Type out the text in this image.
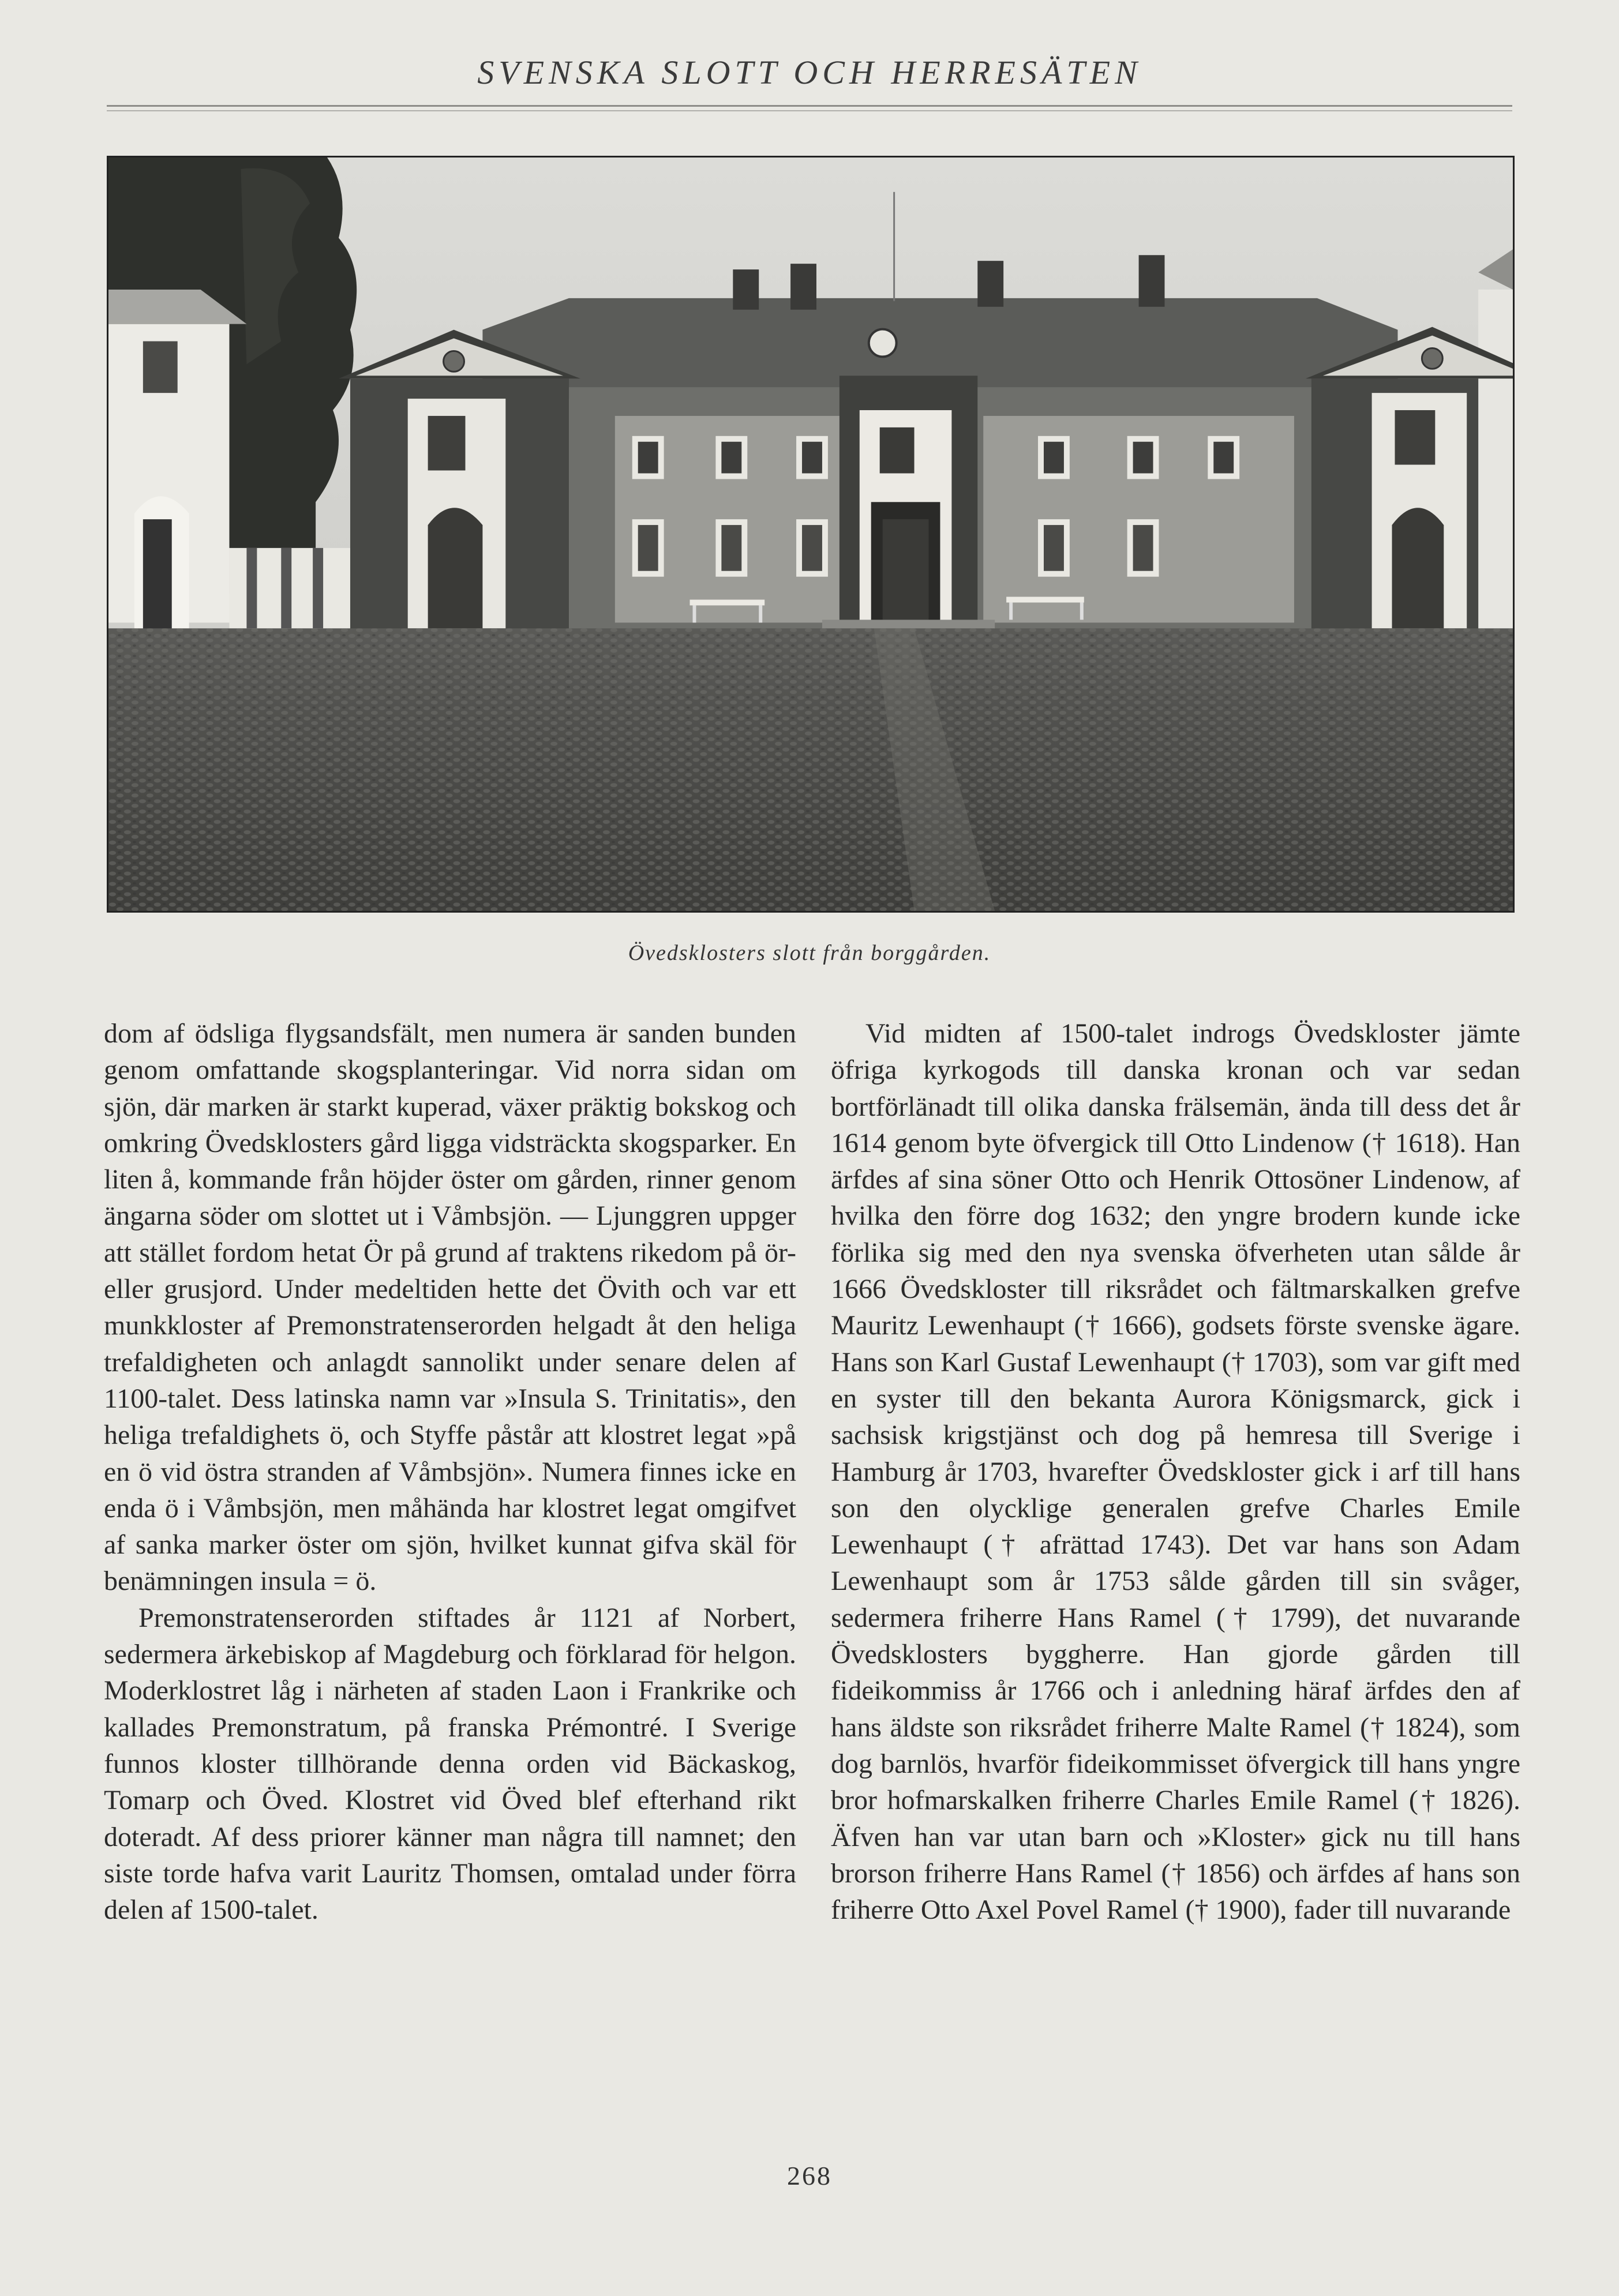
SVENSKA SLOTT OCH HERRESÄTEN
Övedsklosters slott från borggården.

dom af ödsliga flygsandsfält, men numera är sanden bunden genom omfattande skogsplanteringar. Vid norra sidan om sjön, där marken är starkt kuperad, växer präktig bokskog och omkring Övedsklosters gård ligga vidsträckta skogsparker. En liten å, kommande från höjder öster om gården, rinner genom ängarna söder om slottet ut i Våmbsjön. — Ljunggren uppger att stället fordom hetat Ör på grund af traktens rikedom på ör- eller grusjord. Under medeltiden hette det Övith och var ett munkkloster af Premonstratenserorden helgadt åt den heliga trefaldigheten och anlagdt sannolikt under senare delen af 1100-talet. Dess latinska namn var »Insula S. Trinitatis», den heliga trefaldighets ö, och Styffe påstår att klostret legat »på en ö vid östra stranden af Våmbsjön». Numera finnes icke en enda ö i Våmbsjön, men måhända har klostret legat omgifvet af sanka marker öster om sjön, hvilket kunnat gifva skäl för benämningen insula = ö.

Premonstratenserorden stiftades år 1121 af Norbert, sedermera ärkebiskop af Magdeburg och förklarad för helgon. Moderklostret låg i närheten af staden Laon i Frankrike och kallades Premonstratum, på franska Prémontré. I Sverige funnos kloster tillhörande denna orden vid Bäckaskog, Tomarp och Öved. Klostret vid Öved blef efterhand rikt doteradt. Af dess priorer känner man några till namnet; den siste torde hafva varit Lauritz Thomsen, omtalad under förra delen af 1500-talet.

Vid midten af 1500-talet indrogs Övedskloster jämte öfriga kyrkogods till danska kronan och var sedan bortförlänadt till olika danska frälsemän, ända till dess det år 1614 genom byte öfvergick till Otto Lindenow († 1618). Han ärfdes af sina söner Otto och Henrik Ottosöner Lindenow, af hvilka den förre dog 1632; den yngre brodern kunde icke förlika sig med den nya svenska öfverheten utan sålde år 1666 Övedskloster till riksrådet och fältmarskalken grefve Mauritz Lewenhaupt († 1666), godsets förste svenske ägare. Hans son Karl Gustaf Lewenhaupt († 1703), som var gift med en syster till den bekanta Aurora Königsmarck, gick i sachsisk krigstjänst och dog på hemresa till Sverige i Hamburg år 1703, hvarefter Övedskloster gick i arf till hans son den olycklige generalen grefve Charles Emile Lewenhaupt († afrättad 1743). Det var hans son Adam Lewenhaupt som år 1753 sålde gården till sin svåger, sedermera friherre Hans Ramel († 1799), det nuvarande Övedsklosters byggherre. Han gjorde gården till fideikommiss år 1766 och i anledning häraf ärfdes den af hans äldste son riksrådet friherre Malte Ramel († 1824), som dog barnlös, hvarför fideikommisset öfvergick till hans yngre bror hofmarskalken friherre Charles Emile Ramel († 1826). Äfven han var utan barn och »Kloster» gick nu till hans brorson friherre Hans Ramel († 1856) och ärfdes af hans son friherre Otto Axel Povel Ramel († 1900), fader till nuvarande

268
